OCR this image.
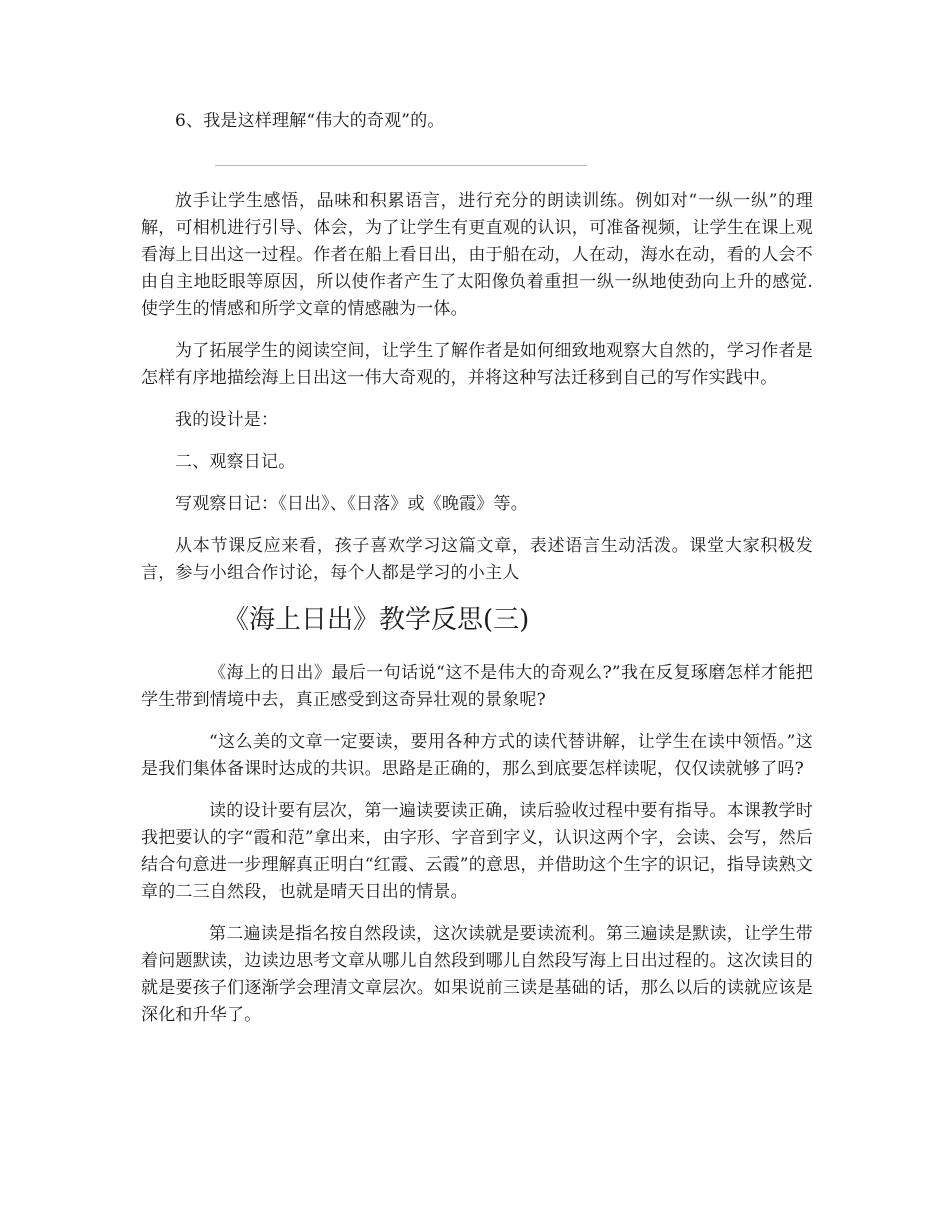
6、我是这样理解“伟大的奇观”的。

放手让学生感悟，品味和积累语言，进行充分的朗读训练。例如对“一纵一纵”的理解，可相机进行引导、体会，为了让学生有更直观的认识，可准备视频，让学生在课上观看海上日出这一过程。作者在船上看日出，由于船在动，人在动，海水在动，看的人会不由自主地眨眼等原因，所以使作者产生了太阳像负着重担一纵一纵地使劲向上升的感觉.使学生的情感和所学文章的情感融为一体。

为了拓展学生的阅读空间，让学生了解作者是如何细致地观察大自然的，学习作者是怎样有序地描绘海上日出这一伟大奇观的，并将这种写法迁移到自己的写作实践中。

我的设计是：

二、观察日记。

写观察日记：《日出》、《日落》或《晚霞》等。

从本节课反应来看，孩子喜欢学习这篇文章，表述语言生动活泼。课堂大家积极发言，参与小组合作讨论，每个人都是学习的小主人

《海上日出》教学反思(三)

《海上的日出》最后一句话说“这不是伟大的奇观么?”我在反复琢磨怎样才能把学生带到情境中去，真正感受到这奇异壮观的景象呢?

“这么美的文章一定要读，要用各种方式的读代替讲解，让学生在读中领悟。”这是我们集体备课时达成的共识。思路是正确的，那么到底要怎样读呢，仅仅读就够了吗?

读的设计要有层次，第一遍读要读正确，读后验收过程中要有指导。本课教学时我把要认的字“霞和范”拿出来，由字形、字音到字义，认识这两个字，会读、会写，然后结合句意进一步理解真正明白“红霞、云霞”的意思，并借助这个生字的识记，指导读熟文章的二三自然段，也就是晴天日出的情景。

第二遍读是指名按自然段读，这次读就是要读流利。第三遍读是默读，让学生带着问题默读，边读边思考文章从哪儿自然段到哪儿自然段写海上日出过程的。这次读目的就是要孩子们逐渐学会理清文章层次。如果说前三读是基础的话，那么以后的读就应该是深化和升华了。
